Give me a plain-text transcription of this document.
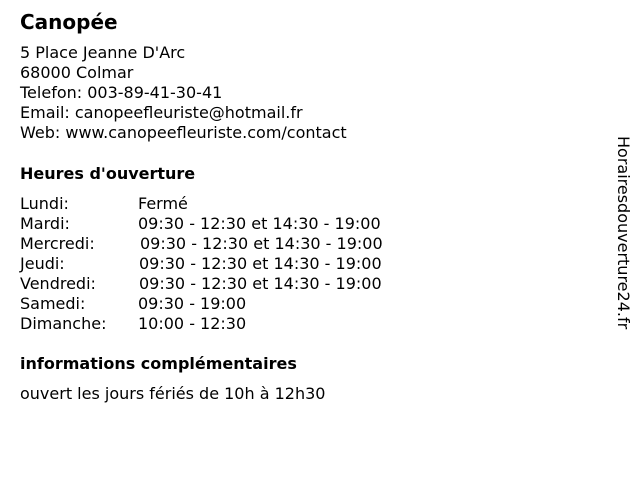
Canopée
5 Place Jeanne D'Arc
68000 Colmar
Telefon: 003-89-41-30-41
Email: canopeefleuriste@hotmail.fr
Web: www.canopeefleuriste.com/contact
Heures d'ouverture
Lundi:	Fermé
Mardi:	09:30 - 12:30 et 14:30 - 19:00
Mercredi:	09:30 - 12:30 et 14:30 - 19:00
Jeudi:	09:30 - 12:30 et 14:30 - 19:00
Vendredi:	09:30 - 12:30 et 14:30 - 19:00
Samedi:	09:30 - 19:00
Dimanche: 10:00 - 12:30
informations complémentaires
ouvert les jours fériés de 10h à 12h30
Horairesdouverture24.fr
